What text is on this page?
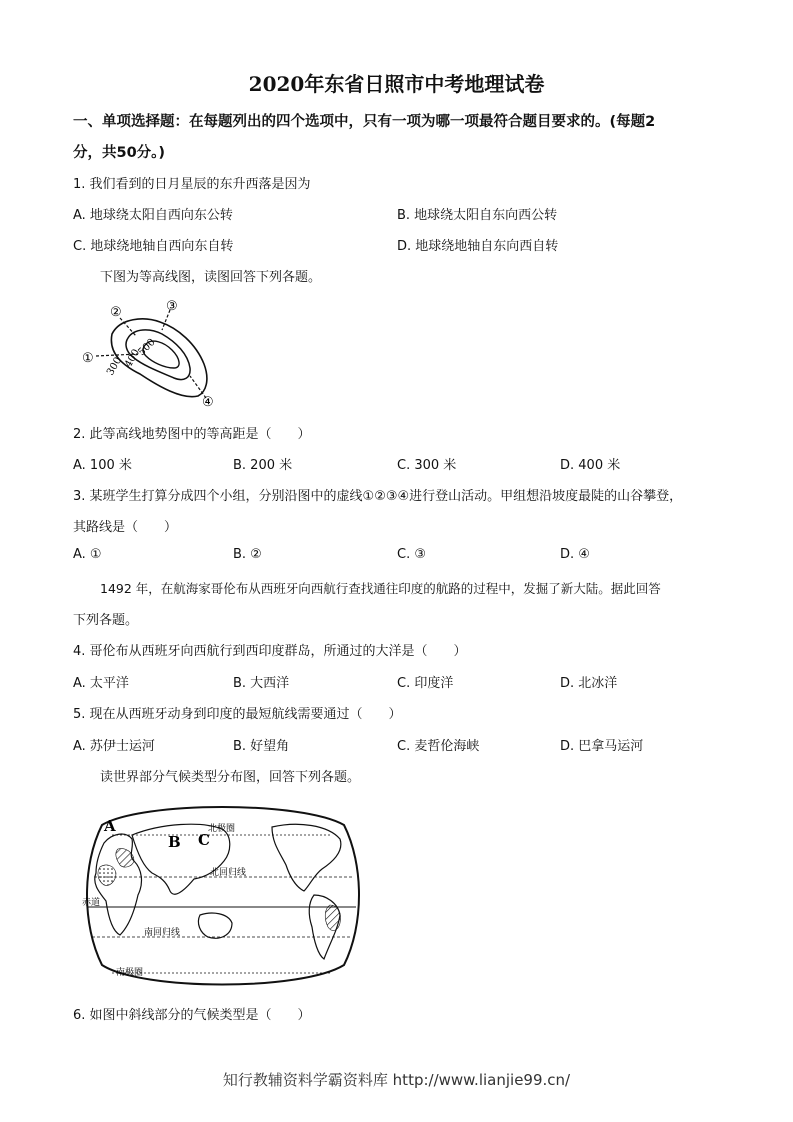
2020年东省日照市中考地理试卷
一、单项选择题：在每题列出的四个选项中，只有一项为哪一项最符合题目要求的。(每题2
分，共50分。)
1. 我们看到的日月星辰的东升西落是因为
A. 地球绕太阳自西向东公转	B. 地球绕太阳自东向西公转
C. 地球绕地轴自西向东自转	D. 地球绕地轴自东向西自转
下图为等高线图，读图回答下列各题。
①
②	③
④
300
400
500
2. 此等高线地势图中的等高距是（　　）
A. 100 米	B. 200 米	C. 300 米	D. 400 米
3. 某班学生打算分成四个小组，分别沿图中的虚线①②③④进行登山活动。甲组想沿坡度最陡的山谷攀登，
其路线是（　　）
A. ①	B. ②	C. ③	D. ④
1492 年，在航海家哥伦布从西班牙向西航行查找通往印度的航路的过程中，发掘了新大陆。据此回答
下列各题。
4. 哥伦布从西班牙向西航行到西印度群岛，所通过的大洋是（　　）
A. 太平洋	B. 大西洋	C. 印度洋	D. 北冰洋
5. 现在从西班牙动身到印度的最短航线需要通过（　　）
A. 苏伊士运河	B. 好望角	C. 麦哲伦海峡	D. 巴拿马运河
读世界部分气候类型分布图，回答下列各题。
A
B C
北极圈
北回归线
赤道
南回归线
南极圈
6. 如图中斜线部分的气候类型是（　　）
知行教辅资料学霸资料库 http://www.lianjie99.cn/
